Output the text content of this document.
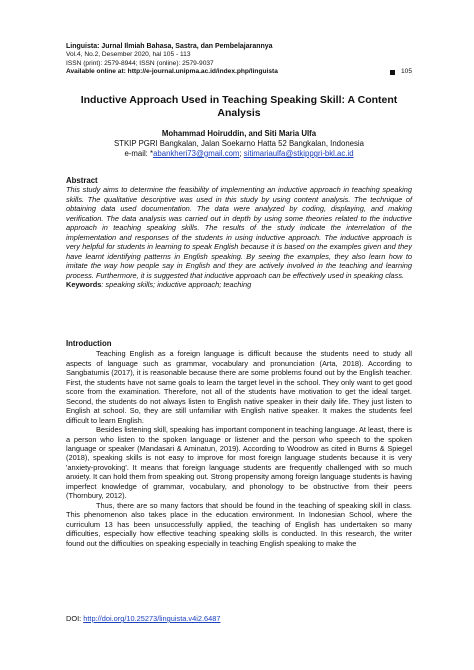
Linguista: Jurnal Ilmiah Bahasa, Sastra, dan Pembelajarannya
Vol.4, No.2, Desember 2020, hal 105 - 113
ISSN (print): 2579-8944; ISSN (online): 2579-9037
Available online at: http://e-journal.unipma.ac.id/index.php/linguista	105
Inductive Approach Used in Teaching Speaking Skill: A Content Analysis
Mohammad Hoiruddin, and Siti Maria Ulfa
STKIP PGRI Bangkalan, Jalan Soekarno Hatta 52 Bangkalan, Indonesia
e-mail: *abankheri73@gmail.com; sitimariaulfa@stkippgri-bkl.ac.id
Abstract
This study aims to determine the feasibility of implementing an inductive approach in teaching speaking skills. The qualitative descriptive was used in this study by using content analysis. The technique of obtaining data used documentation. The data were analyzed by coding, displaying, and making verification. The data analysis was carried out in depth by using some theories related to the inductive approach in teaching speaking skills. The results of the study indicate the interrelation of the implementation and responses of the students in using inductive approach. The inductive approach is very helpful for students in learning to speak English because it is based on the examples given and they have learnt identifying patterns in English speaking. By seeing the examples, they also learn how to imitate the way how people say in English and they are actively involved in the teaching and learning process. Furthermore, it is suggested that inductive approach can be effectively used in speaking class.
Keywords: speaking skills; inductive approach; teaching
Introduction

Teaching English as a foreign language is difficult because the students need to study all aspects of language such as grammar, vocabulary and pronunciation (Arta, 2018). According to Sangbatumis (2017), it is reasonable because there are some problems found out by the English teacher. First, the students have not same goals to learn the target level in the school. They only want to get good score from the examination. Therefore, not all of the students have motivation to get the ideal target. Second, the students do not always listen to English native speaker in their daily life. They just listen to English at school. So, they are still unfamiliar with English native speaker. It makes the students feel difficult to learn English.

Besides listening skill, speaking has important component in teaching language. At least, there is a person who listen to the spoken language or listener and the person who speech to the spoken language or speaker (Mandasari & Aminatun, 2019). According to Woodrow as cited in Burns & Spiegel (2018), speaking skills is not easy to improve for most foreign language students because it is very 'anxiety-provoking'. It means that foreign language students are frequently challenged with so much anxiety. It can hold them from speaking out. Strong propensity among foreign language students is having imperfect knowledge of grammar, vocabulary, and phonology to be obstructive from their peers (Thornbury, 2012).

Thus, there are so many factors that should be found in the teaching of speaking skill in class. This phenomenon also takes place in the education environment. In Indonesian School, where the curriculum 13 has been unsuccessfully applied, the teaching of English has undertaken so many difficulties, especially how effective teaching speaking skills is conducted. In this research, the writer found out the difficulties on speaking especially in teaching English speaking to make the

DOI: http://doi.org/10.25273/linguista.v4i2.6487
